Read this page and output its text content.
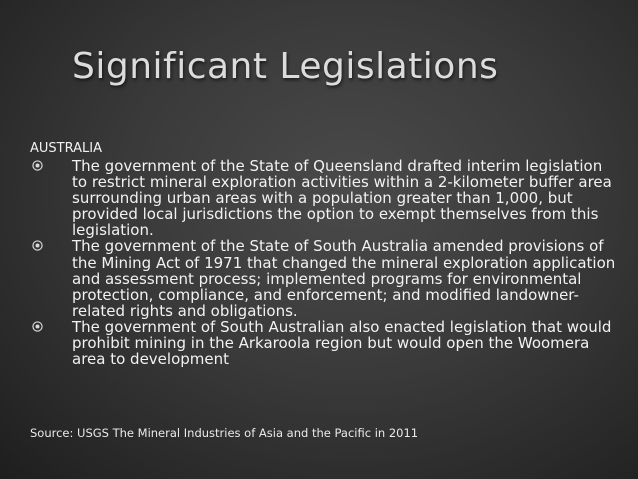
Significant Legislations
AUSTRALIA
The government of the State of Queensland drafted interim legislation to restrict mineral exploration activities within a 2-kilometer buffer area surrounding urban areas with a population greater than 1,000, but provided local jurisdictions the option to exempt themselves from this legislation.
The government of the State of South Australia amended provisions of the Mining Act of 1971 that changed the mineral exploration application and assessment process; implemented programs for environmental protection, compliance, and enforcement; and modified landowner-related rights and obligations.
The government of South Australian also enacted legislation that would prohibit mining in the Arkaroola region but would open the Woomera area to development
Source: USGS The Mineral Industries of Asia and the Pacific in 2011
